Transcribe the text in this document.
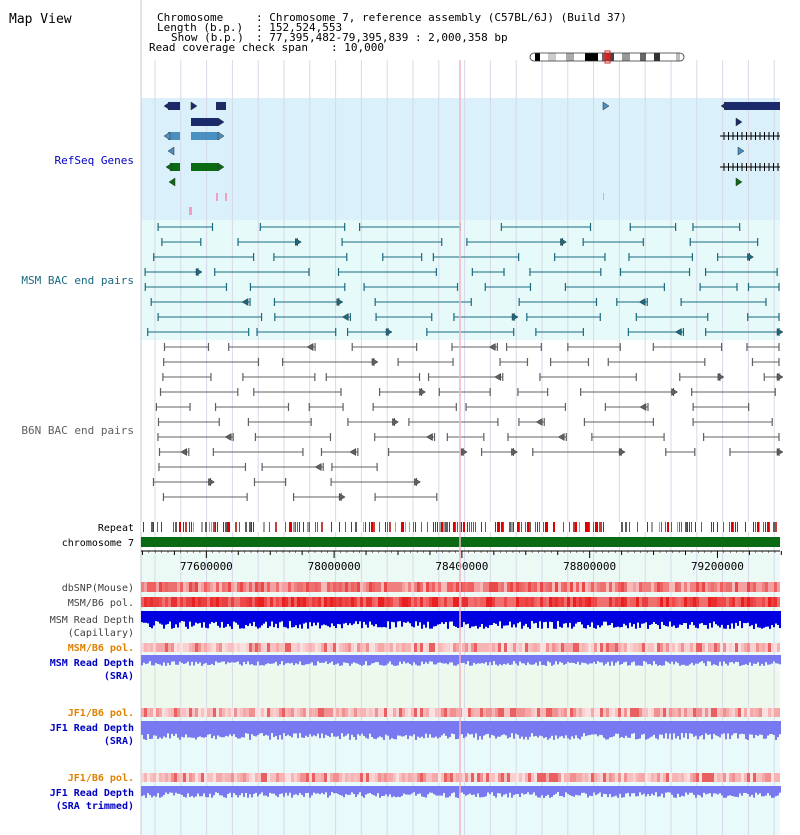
Map View	Chromosome	: Chromosome 7, reference assembly (C57BL/6J) (Build 37)
Length (b.p.) : 152,524,553
Show (b.p.) : 77,395,482-79,395,839 : 2,000,358 bp
Read coverage check span : 10,000
RefSeq Genes
MSM BAC end pairs
B6N BAC end pairs
Repeat
chromosome 7
dbSNP(Mouse)
MSM/B6 pol.
MSM Read Depth
(Capillary)
MSM/B6 pol.
MSM Read Depth
(SRA)
JF1/B6 pol.
JF1 Read Depth
(SRA)
JF1/B6 pol.
JF1 Read Depth
(SRA trimmed)
77600000	78000000	78400000	78800000	79200000
